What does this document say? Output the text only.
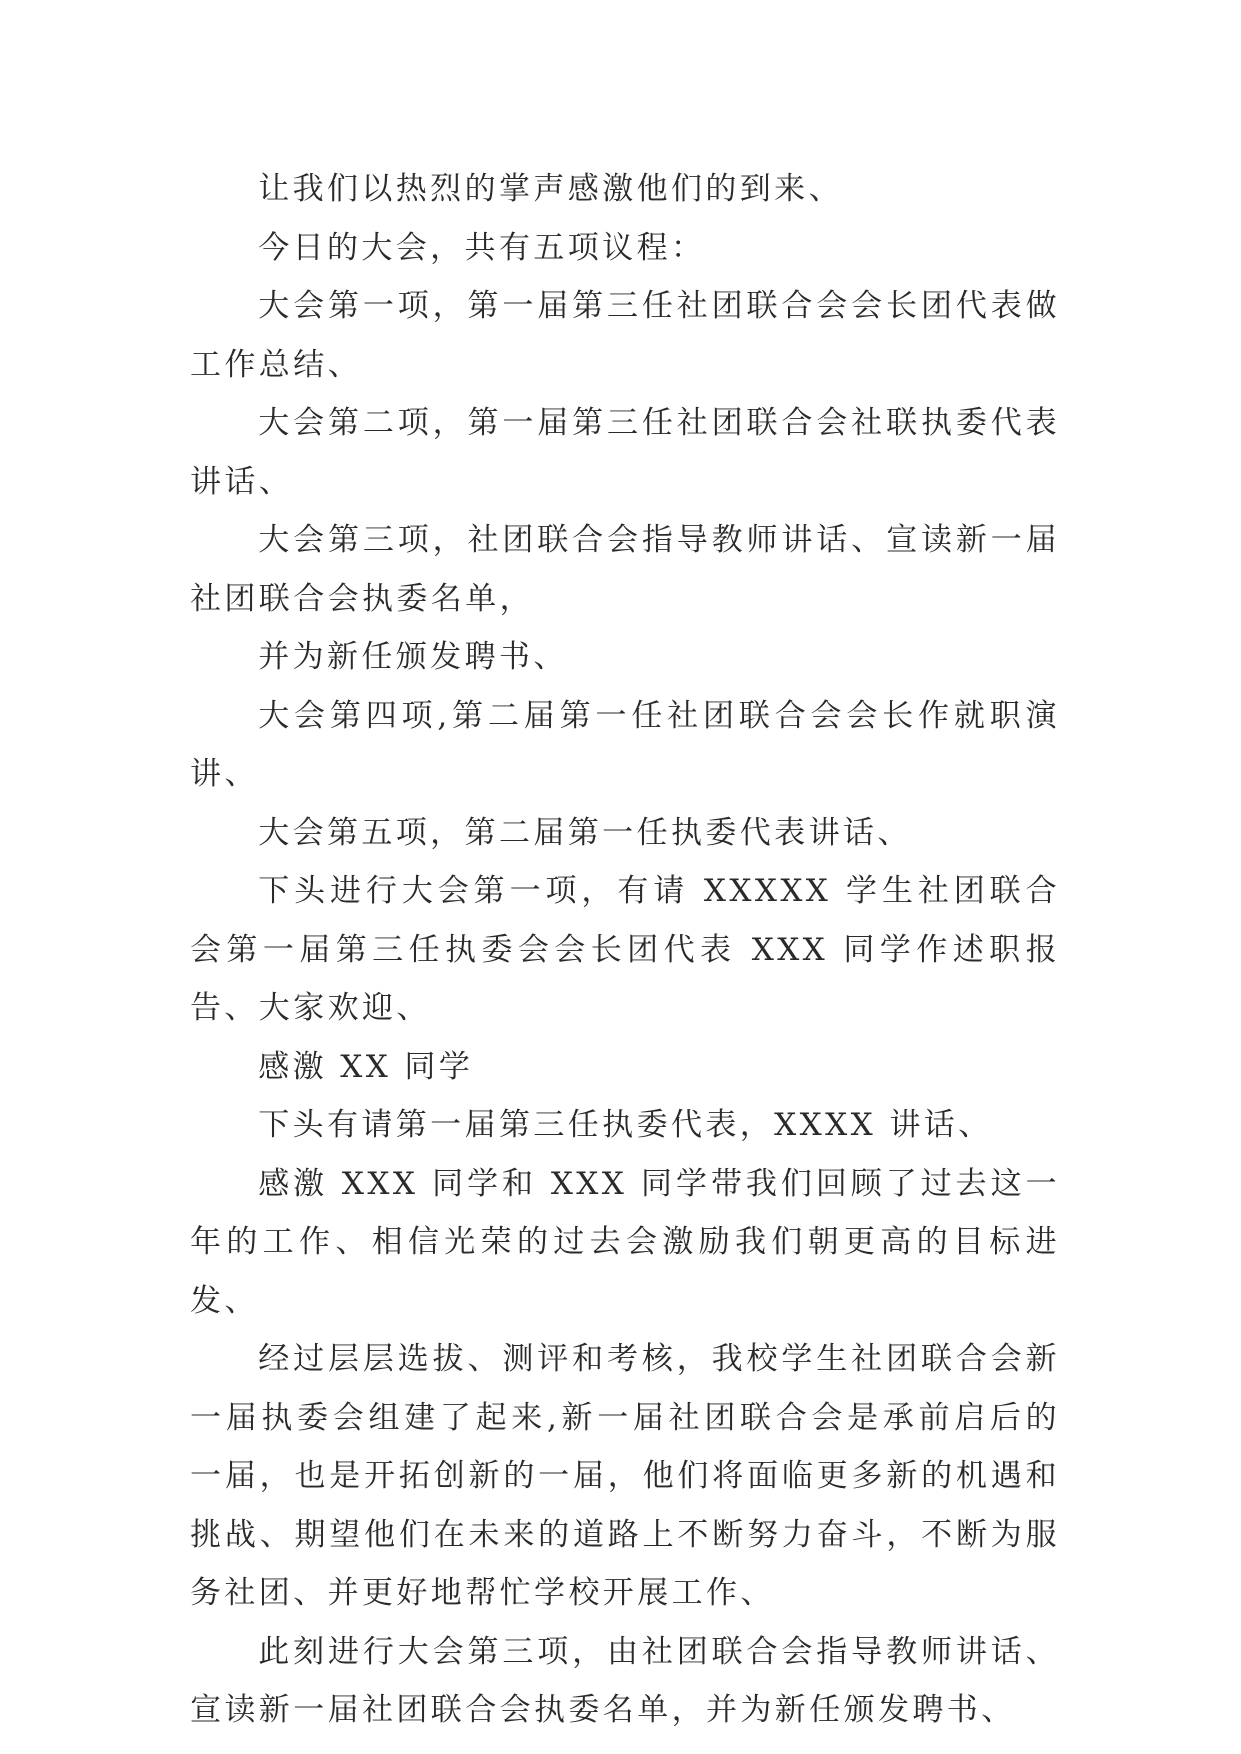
让我们以热烈的掌声感激他们的到来、

今日的大会，共有五项议程：

大会第一项，第一届第三任社团联合会会长团代表做工作总结、

大会第二项，第一届第三任社团联合会社联执委代表讲话、

大会第三项，社团联合会指导教师讲话、宣读新一届社团联合会执委名单，

并为新任颁发聘书、

大会第四项,第二届第一任社团联合会会长作就职演讲、

大会第五项，第二届第一任执委代表讲话、

下头进行大会第一项，有请 XXXXX 学生社团联合会第一届第三任执委会会长团代表 XXX 同学作述职报告、大家欢迎、

感激 XX 同学

下头有请第一届第三任执委代表，XXXX 讲话、

感激 XXX 同学和 XXX 同学带我们回顾了过去这一年的工作、相信光荣的过去会激励我们朝更高的目标进发、

经过层层选拔、测评和考核，我校学生社团联合会新一届执委会组建了起来,新一届社团联合会是承前启后的一届，也是开拓创新的一届，他们将面临更多新的机遇和挑战、期望他们在未来的道路上不断努力奋斗，不断为服务社团、并更好地帮忙学校开展工作、

此刻进行大会第三项，由社团联合会指导教师讲话、宣读新一届社团联合会执委名单，并为新任颁发聘书、
